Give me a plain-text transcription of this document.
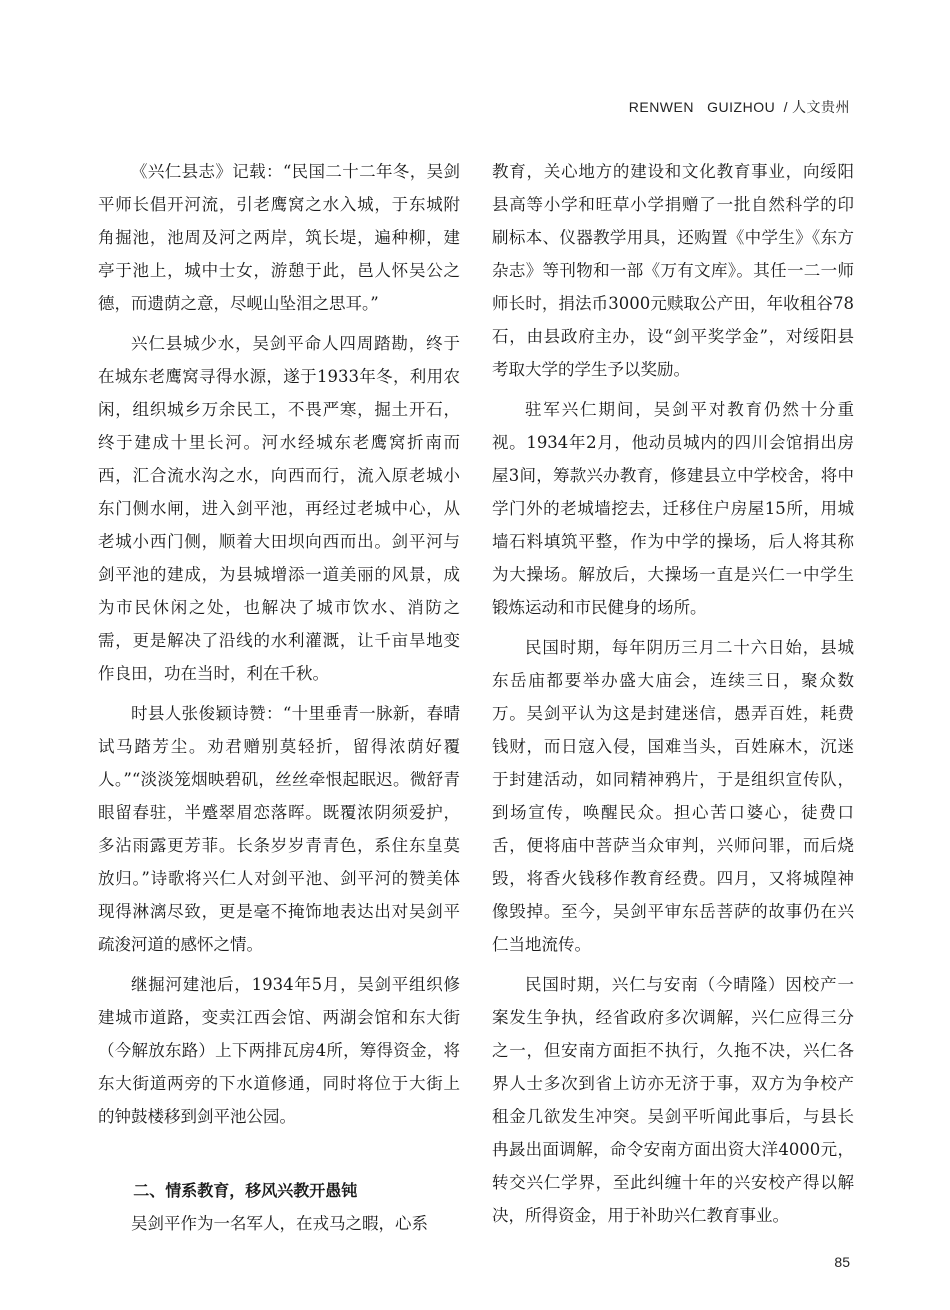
RENWEN GUIZHOU / 人文贵州

《兴仁县志》记载：“民国二十二年冬，吴剑平师长倡开河流，引老鹰窝之水入城，于东城附角掘池，池周及河之两岸，筑长堤，遍种柳，建亭于池上，城中士女，游憩于此，邑人怀吴公之德，而遗荫之意，尽岘山坠泪之思耳。”

兴仁县城少水，吴剑平命人四周踏勘，终于在城东老鹰窝寻得水源，遂于1933年冬，利用农闲，组织城乡万余民工，不畏严寒，掘土开石，终于建成十里长河。河水经城东老鹰窝折南而西，汇合流水沟之水，向西而行，流入原老城小东门侧水闸，进入剑平池，再经过老城中心，从老城小西门侧，顺着大田坝向西而出。剑平河与剑平池的建成，为县城增添一道美丽的风景，成为市民休闲之处，也解决了城市饮水、消防之需，更是解决了沿线的水利灌溉，让千亩旱地变作良田，功在当时，利在千秋。

时县人张俊颖诗赞：“十里垂青一脉新，春晴试马踏芳尘。劝君赠别莫轻折，留得浓荫好覆人。”“淡淡笼烟映碧矶，丝丝牵恨起眠迟。微舒青眼留春驻，半蹙翠眉恋落晖。既覆浓阴须爱护，多沾雨露更芳菲。长条岁岁青青色，系住东皇莫放归。”诗歌将兴仁人对剑平池、剑平河的赞美体现得淋漓尽致，更是毫不掩饰地表达出对吴剑平疏浚河道的感怀之情。

继掘河建池后，1934年5月，吴剑平组织修建城市道路，变卖江西会馆、两湖会馆和东大街（今解放东路）上下两排瓦房4所，筹得资金，将东大街道两旁的下水道修通，同时将位于大街上的钟鼓楼移到剑平池公园。

二、情系教育，移风兴教开愚钝

吴剑平作为一名军人，在戎马之暇，心系

教育，关心地方的建设和文化教育事业，向绥阳县高等小学和旺草小学捐赠了一批自然科学的印刷标本、仪器教学用具，还购置《中学生》《东方杂志》等刊物和一部《万有文库》。其任一二一师师长时，捐法币3000元赎取公产田，年收租谷78石，由县政府主办，设“剑平奖学金”，对绥阳县考取大学的学生予以奖励。

驻军兴仁期间，吴剑平对教育仍然十分重视。1934年2月，他动员城内的四川会馆捐出房屋3间，筹款兴办教育，修建县立中学校舍，将中学门外的老城墙挖去，迁移住户房屋15所，用城墙石料填筑平整，作为中学的操场，后人将其称为大操场。解放后，大操场一直是兴仁一中学生锻炼运动和市民健身的场所。

民国时期，每年阴历三月二十六日始，县城东岳庙都要举办盛大庙会，连续三日，聚众数万。吴剑平认为这是封建迷信，愚弄百姓，耗费钱财，而日寇入侵，国难当头，百姓麻木，沉迷于封建活动，如同精神鸦片，于是组织宣传队，到场宣传，唤醒民众。担心苦口婆心，徒费口舌，便将庙中菩萨当众审判，兴师问罪，而后烧毁，将香火钱移作教育经费。四月，又将城隍神像毁掉。至今，吴剑平审东岳菩萨的故事仍在兴仁当地流传。

民国时期，兴仁与安南（今晴隆）因校产一案发生争执，经省政府多次调解，兴仁应得三分之一，但安南方面拒不执行，久拖不决，兴仁各界人士多次到省上访亦无济于事，双方为争校产租金几欲发生冲突。吴剑平听闻此事后，与县长冉晸出面调解，命令安南方面出资大洋4000元，转交兴仁学界，至此纠缠十年的兴安校产得以解决，所得资金，用于补助兴仁教育事业。

85
